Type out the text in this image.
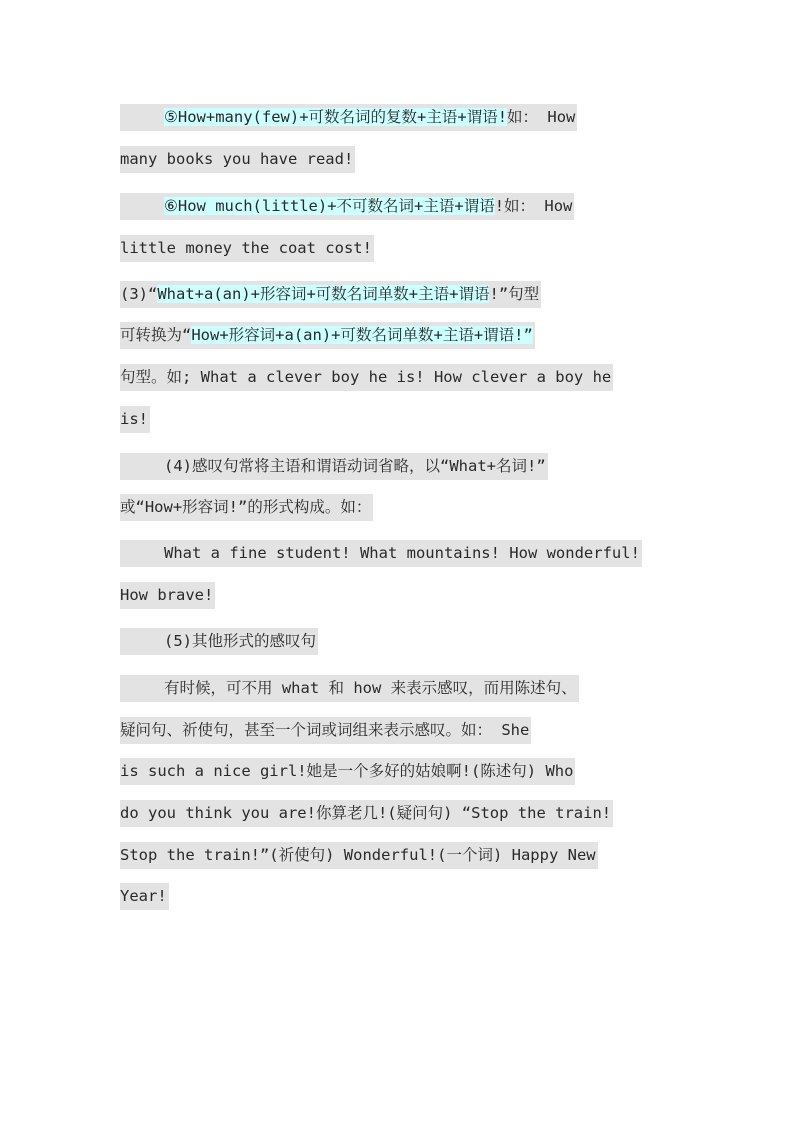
⑤How+many(few)+可数名词的复数+主语+谓语!如： How
many books you have read!
⑥How much(little)+不可数名词+主语+谓语!如： How
little money the coat cost!
(3)“What+a(an)+形容词+可数名词单数+主语+谓语!”句型
可转换为“How+形容词+a(an)+可数名词单数+主语+谓语!”
句型。如; What a clever boy he is! How clever a boy he
is!
(4)感叹句常将主语和谓语动词省略，以“What+名词!”
或“How+形容词!”的形式构成。如：
What a fine student! What mountains! How wonderful!
How brave!
(5)其他形式的感叹句
有时候，可不用 what 和 how 来表示感叹，而用陈述句、
疑问句、祈使句，甚至一个词或词组来表示感叹。如： She
is such a nice girl!她是一个多好的姑娘啊!(陈述句) Who
do you think you are!你算老几!(疑问句) “Stop the train!
Stop the train!”(祈使句) Wonderful!(一个词) Happy New
Year!
